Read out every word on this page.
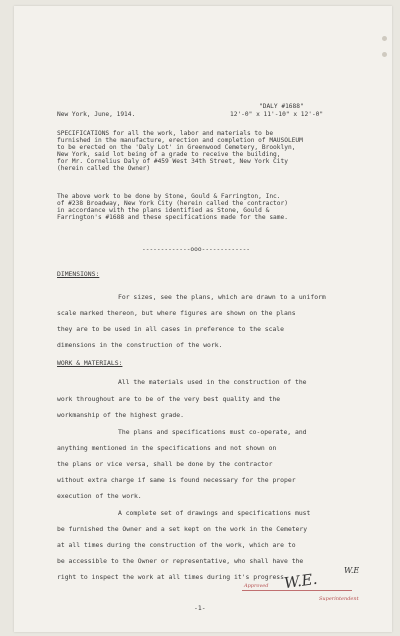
New York, June, 1914.
"DALY #1688"
12'-0" x 11'-10" x 12'-0"
SPECIFICATIONS for all the work, labor and materials to be
furnished in the manufacture, erection and completion of MAUSOLEUM
to be erected on the 'Daly Lot' in Greenwood Cemetery, Brooklyn,
New York, said lot being of a grade to receive the building,
for Mr. Cornelius Daly of #459 West 34th Street, New York City
(herein called the Owner)
The above work to be done by Stone, Gould & Farrington, Inc.
of #238 Broadway, New York City (herein called the contractor)
in accordance with the plans identified as Stone, Gould &
Farrington's #1688 and these specifications made for the same.
-------------ooo-------------
DIMENSIONS:
For sizes, see the plans, which are drawn to a uniform
scale marked thereon, but where figures are shown on the plans
they are to be used in all cases in preference to the scale
dimensions in the construction of the work.
WORK & MATERIALS:
All the materials used in the construction of the
work throughout are to be of the very best quality and the
workmanship of the highest grade.
The plans and specifications must co-operate, and
anything mentioned in the specifications and not shown on
the plans or vice versa, shall be done by the contractor
without extra charge if same is found necessary for the proper
execution of the work.
A complete set of drawings and specifications must
be furnished the Owner and a set kept on the work in the Cemetery
at all times during the construction of the work, which are to
be accessible to the Owner or representative, who shall have the
right to inspect the work at all times during it's progress.
Approved
Superintendent
W.E.	W.E
-1-
